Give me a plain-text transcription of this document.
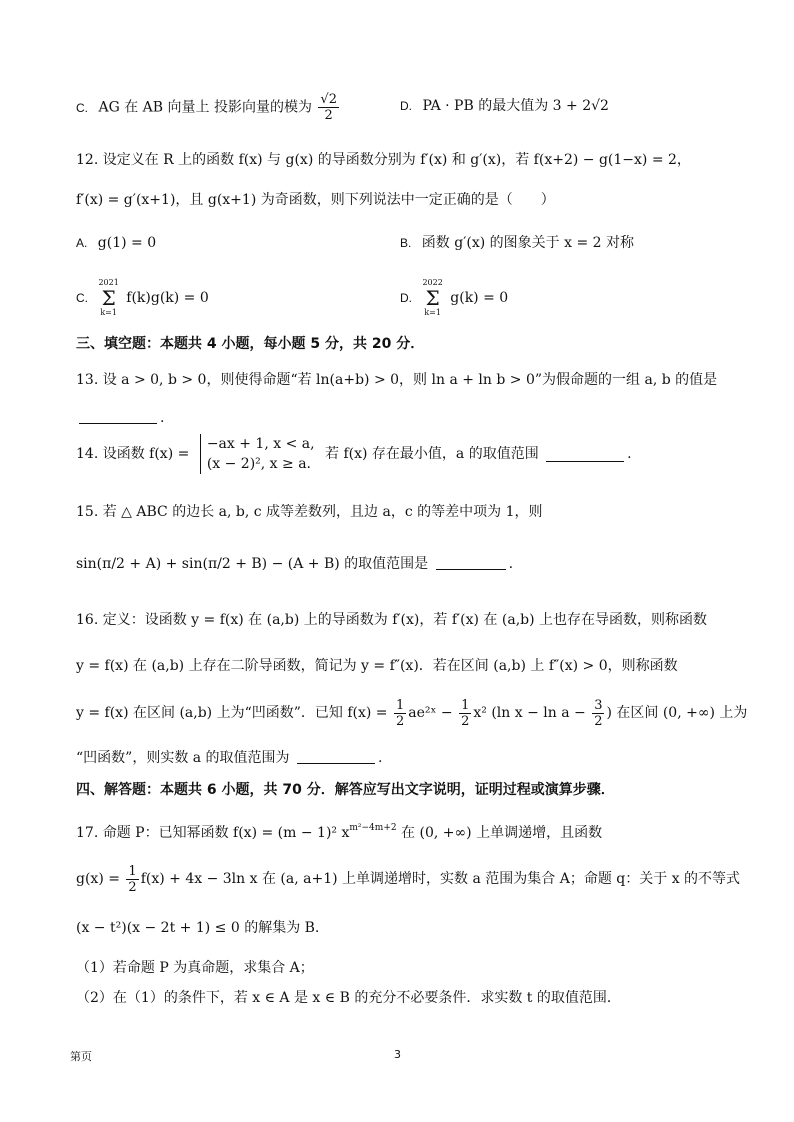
C. AG 在 AB 向量上 投影向量的模为 $\frac{√2}{2}$	D. PA · PB 的最大值为 3 + 2√2
12. 设定义在 R 上的函数 f(x) 与 g(x) 的导函数分别为 f′(x) 和 g′(x)，若 f(x+2) − g(1−x) = 2，
f′(x) = g′(x+1)，且 g(x+1) 为奇函数，则下列说法中一定正确的是（　　）
A. g(1) = 0	B. 函数 g′(x) 的图象关于 x = 2 对称
C.
2021
Σ
k=1
f(k)g(k) = 0	D.
2022
Σ
k=1
g(k) = 0
三、填空题：本题共 4 小题，每小题 5 分，共 20 分．
13. 设 a > 0, b > 0，则使得命题“若 ln(a+b) > 0，则 ln a + ln b > 0”为假命题的一组 a, b 的值是
.
14. 设函数 f(x) =
−ax + 1, x < a,
(x − 2)², x ≥ a.
若 f(x) 存在最小值，a 的取值范围	.
15. 若 △ ABC 的边长 a, b, c 成等差数列，且边 a，c 的等差中项为 1，则
sin(π/2 + A) + sin(π/2 + B) − (A + B) 的取值范围是	.
16. 定义：设函数 y = f(x) 在 (a,b) 上的导函数为 f′(x)，若 f′(x) 在 (a,b) 上也存在导函数，则称函数
y = f(x) 在 (a,b) 上存在二阶导函数，简记为 y = f″(x)．若在区间 (a,b) 上 f″(x) > 0，则称函数
y = f(x) 在区间 (a,b) 上为“凹函数”．已知 $f(x) = \frac{1}{2}$ ae²ˣ − $\frac{1}{2} x^2$ (ln $x - \ln a - \frac{3}{2}$ ) 在区间 (0, +∞) 上为
“凹函数”，则实数 a 的取值范围为	.
四、解答题：本题共 6 小题，共 70 分．解答应写出文字说明，证明过程或演算步骤．
17. 命题 P：已知幂函数 f(x) = (m − 1)² $x^{m^2-4m+2}$ 在 (0, +∞) 上单调递增，且函数
$g(x) = \frac{1}{2} f(x) + 4x - 3\ln$ x 在 (a, a+1) 上单调递增时，实数 a 范围为集合 A；命题 q：关于 x 的不等式
(x − t²)(x − 2t + 1) ≤ 0 的解集为 B.
（1）若命题 P 为真命题，求集合 A；
（2）在（1）的条件下，若 x ∈ A 是 x ∈ B 的充分不必要条件．求实数 t 的取值范围．
第页	3
